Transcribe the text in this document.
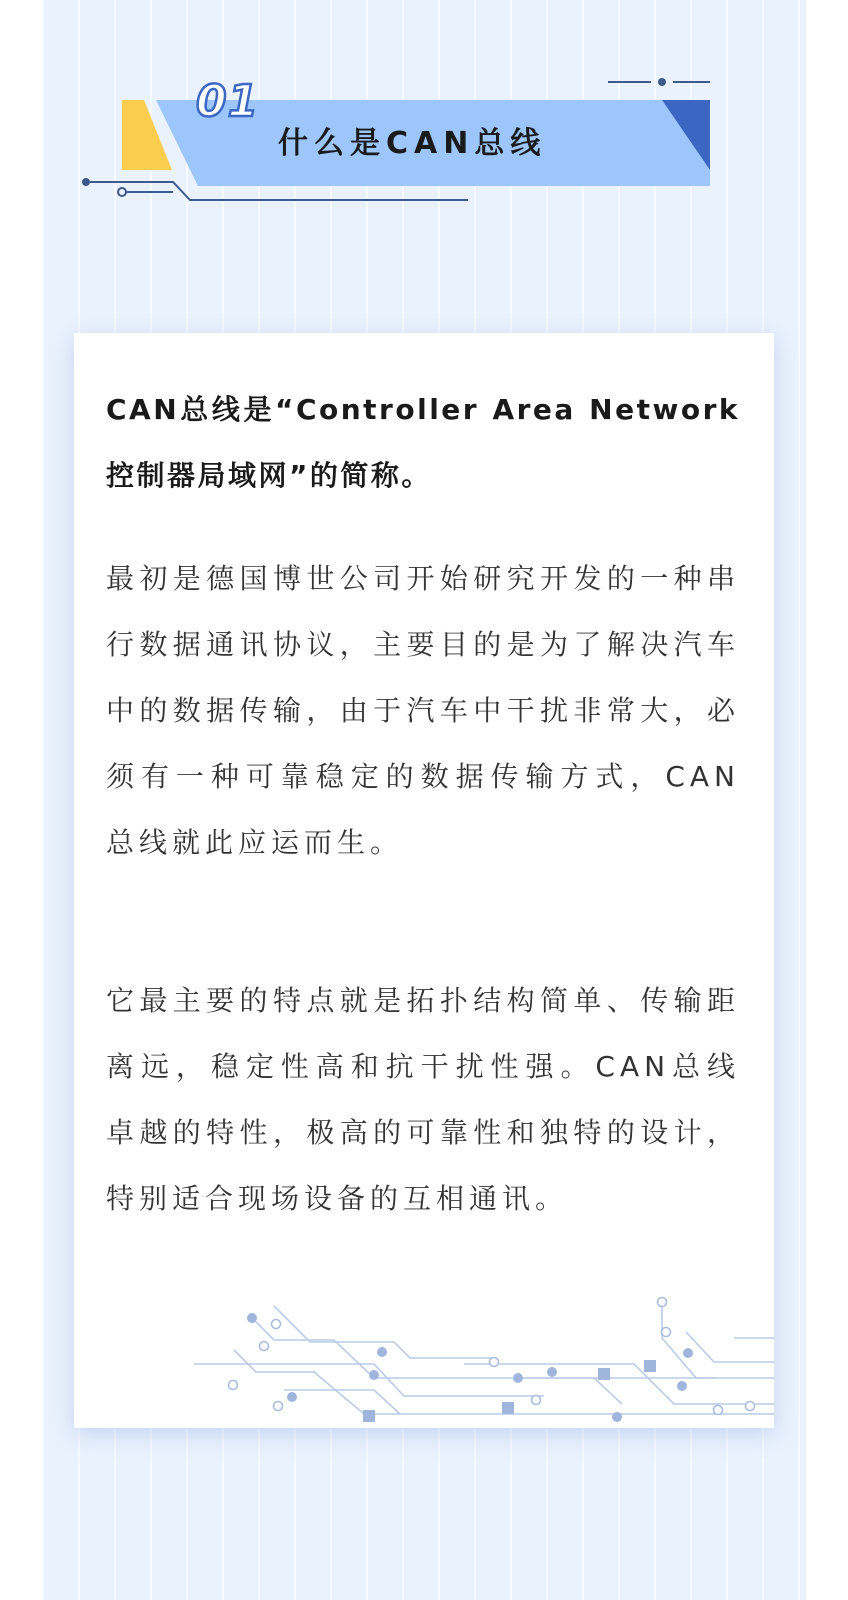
01
什么是CAN总线

CAN总线是“Controller Area Network控制器局域网”的简称。

最初是德国博世公司开始研究开发的一种串行数据通讯协议，主要目的是为了解决汽车中的数据传输，由于汽车中干扰非常大，必须有一种可靠稳定的数据传输方式，CAN总线就此应运而生。

它最主要的特点就是拓扑结构简单、传输距离远，稳定性高和抗干扰性强。CAN总线卓越的特性，极高的可靠性和独特的设计，特别适合现场设备的互相通讯。
